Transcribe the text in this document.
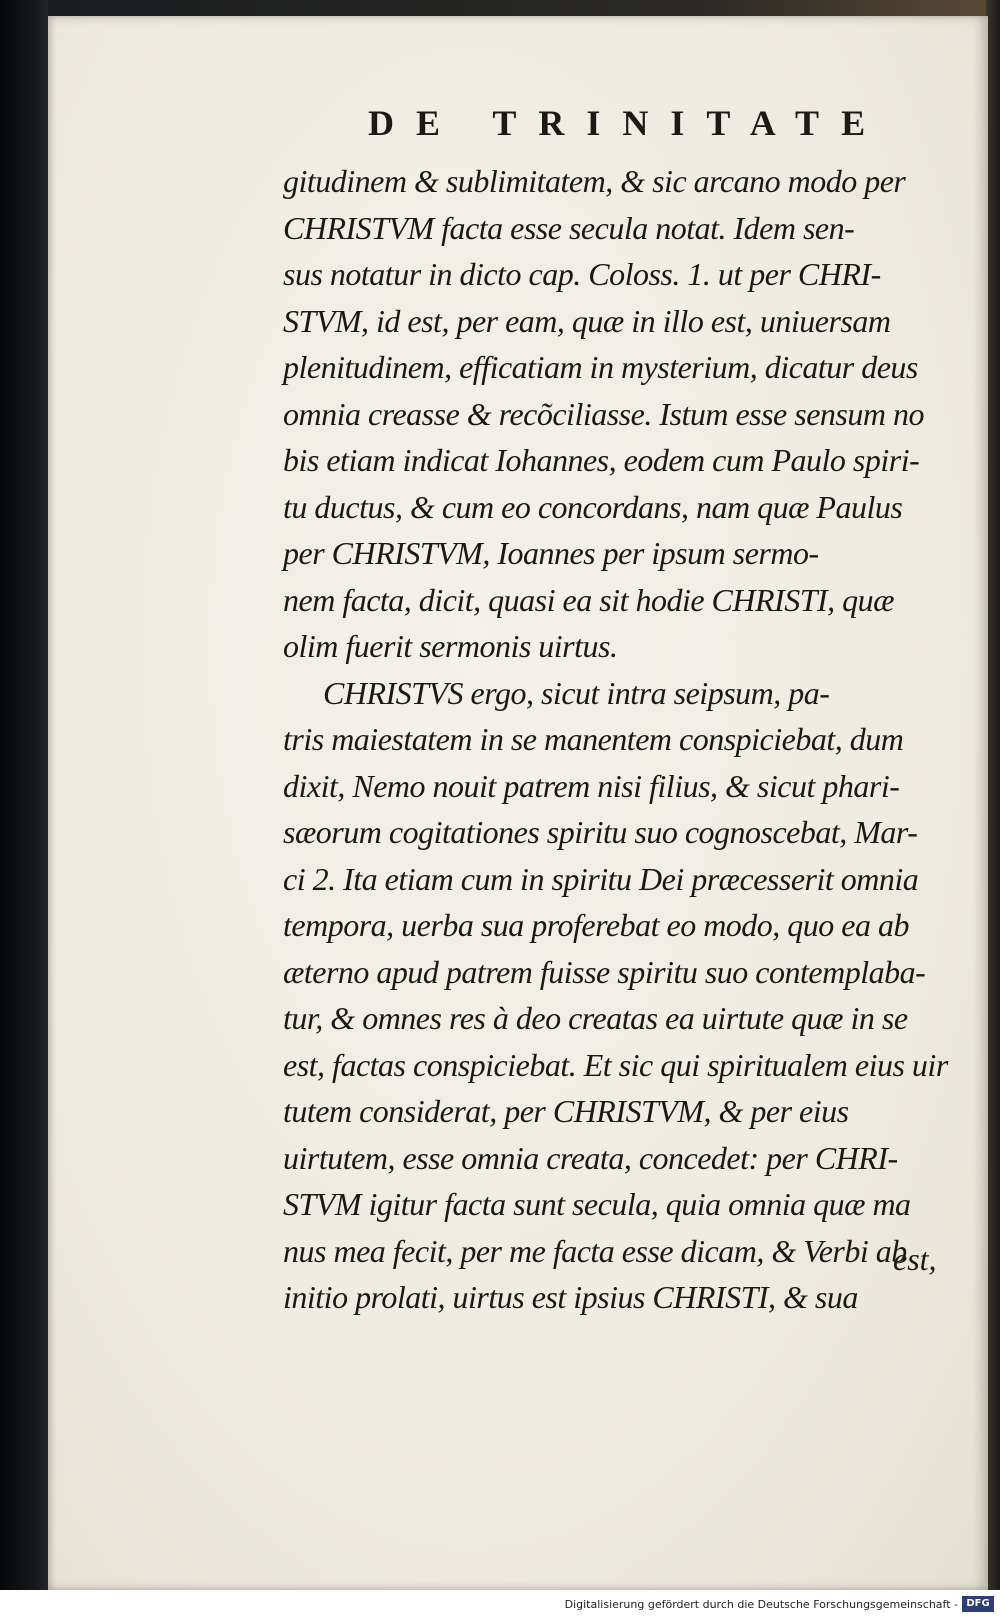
DE TRINITATE
gitudinem & sublimitatem, & sic arcano modo per
CHRISTVM facta esse secula notat. Idem sen-
sus notatur in dicto cap. Coloss. 1. ut per CHRI-
STVM, id est, per eam, quæ in illo est, uniuersam
plenitudinem, efficatiam in mysterium, dicatur deus
omnia creasse & recõciliasse. Istum esse sensum no
bis etiam indicat Iohannes, eodem cum Paulo spiri-
tu ductus, & cum eo concordans, nam quæ Paulus
per CHRISTVM, Ioannes per ipsum sermo-
nem facta, dicit, quasi ea sit hodie CHRISTI, quæ
olim fuerit sermonis uirtus.
CHRISTVS ergo, sicut intra seipsum, pa-
tris maiestatem in se manentem conspiciebat, dum
dixit, Nemo nouit patrem nisi filius, & sicut phari-
sæorum cogitationes spiritu suo cognoscebat, Mar-
ci 2. Ita etiam cum in spiritu Dei præcesserit omnia
tempora, uerba sua proferebat eo modo, quo ea ab
æterno apud patrem fuisse spiritu suo contemplaba-
tur, & omnes res à deo creatas ea uirtute quæ in se
est, factas conspiciebat. Et sic qui spiritualem eius uir
tutem considerat, per CHRISTVM, & per eius
uirtutem, esse omnia creata, concedet: per CHRI-
STVM igitur facta sunt secula, quia omnia quæ ma
nus mea fecit, per me facta esse dicam, & Verbi ab
initio prolati, uirtus est ipsius CHRISTI, & sua
est,
Digitalisierung gefördert durch die Deutsche Forschungsgemeinschaft - DFG
